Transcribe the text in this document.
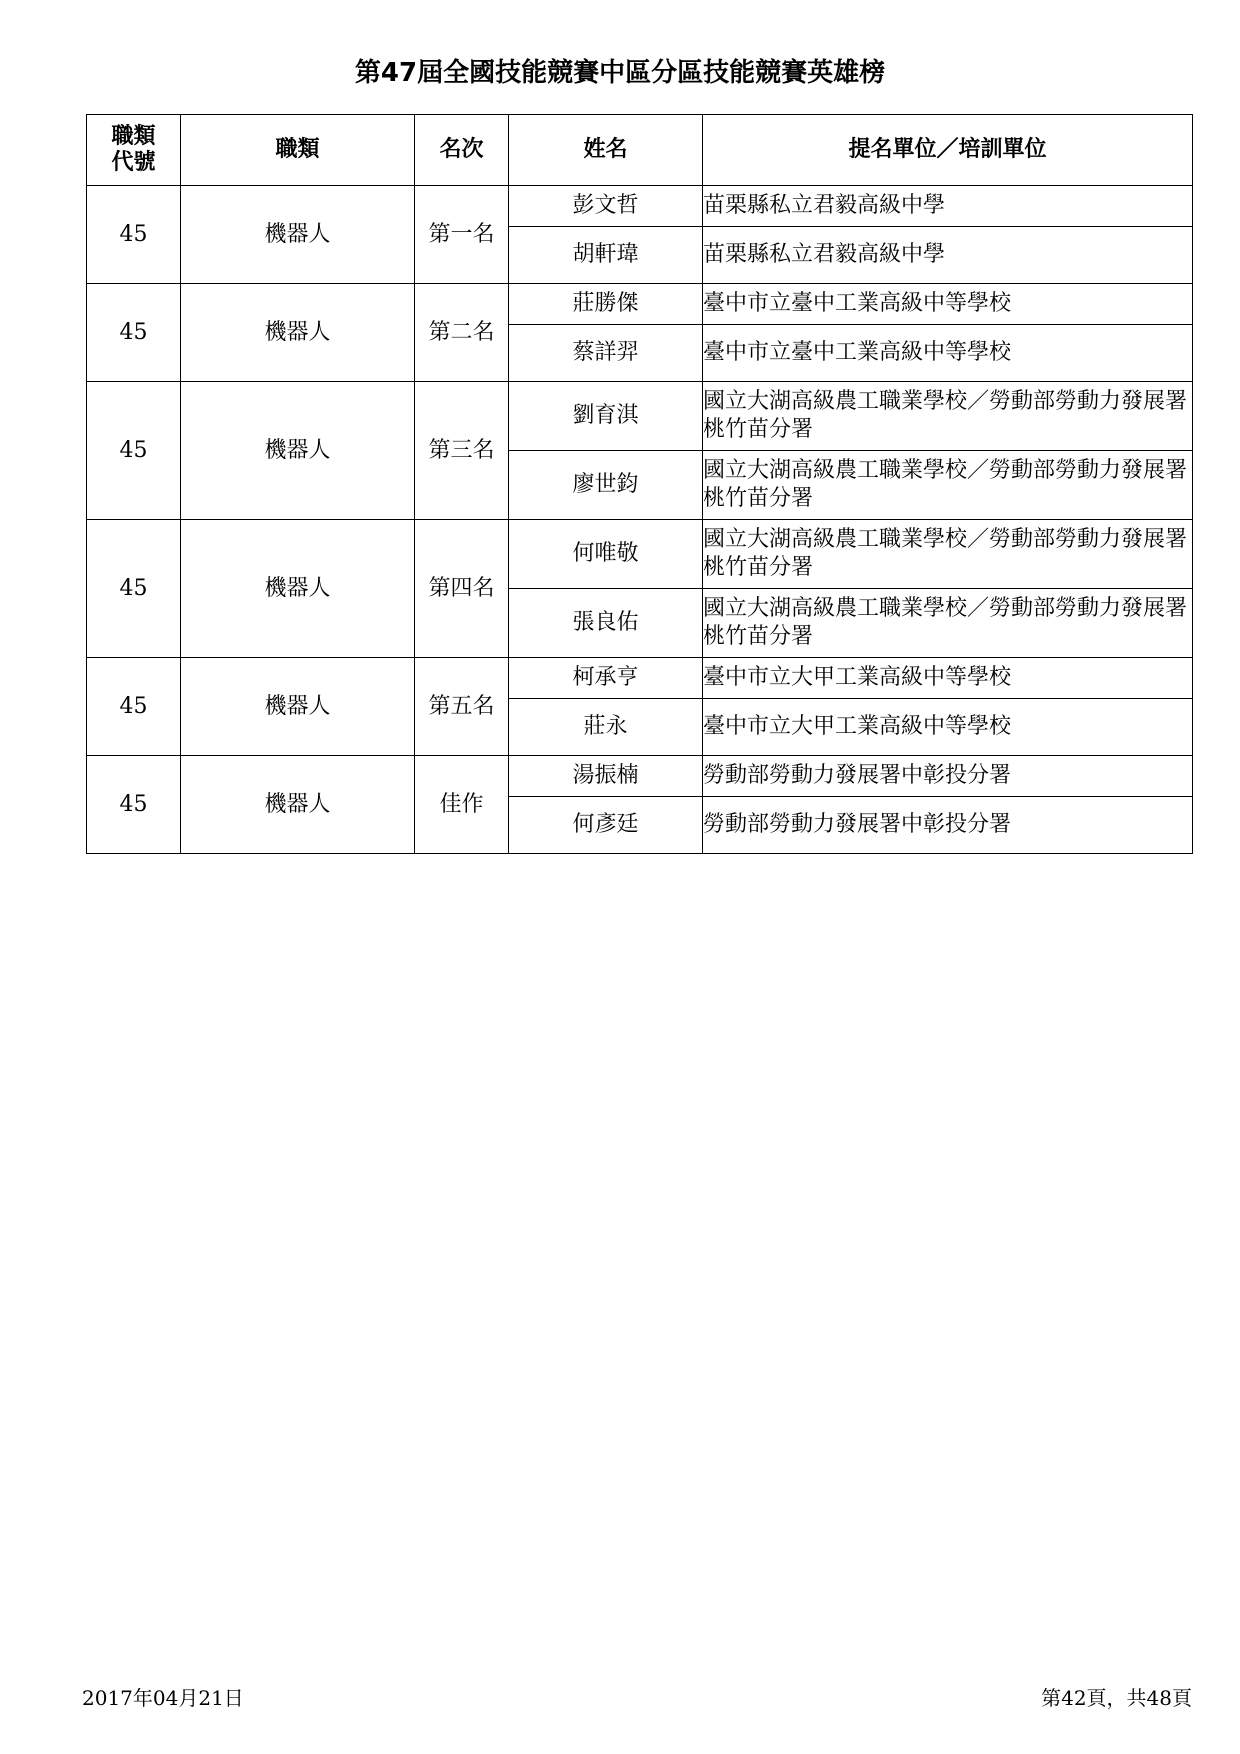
第47屆全國技能競賽中區分區技能競賽英雄榜
職類
代號	職類	名次	姓名	提名單位／培訓單位
45	機器人	第一名	彭文哲	苗栗縣私立君毅高級中學
			胡軒瑋	苗栗縣私立君毅高級中學
45	機器人	第二名	莊勝傑	臺中市立臺中工業高級中等學校
			蔡詳羿	臺中市立臺中工業高級中等學校
45	機器人	第三名	劉育淇	國立大湖高級農工職業學校／勞動部勞動力發展署桃竹苗分署
			廖世鈞	國立大湖高級農工職業學校／勞動部勞動力發展署桃竹苗分署
45	機器人	第四名	何唯敬	國立大湖高級農工職業學校／勞動部勞動力發展署桃竹苗分署
			張良佑	國立大湖高級農工職業學校／勞動部勞動力發展署桃竹苗分署
45	機器人	第五名	柯承亨	臺中市立大甲工業高級中等學校
			莊永	臺中市立大甲工業高級中等學校
45	機器人	佳作	湯振楠	勞動部勞動力發展署中彰投分署
			何彥廷	勞動部勞動力發展署中彰投分署
2017年04月21日	第42頁，共48頁
